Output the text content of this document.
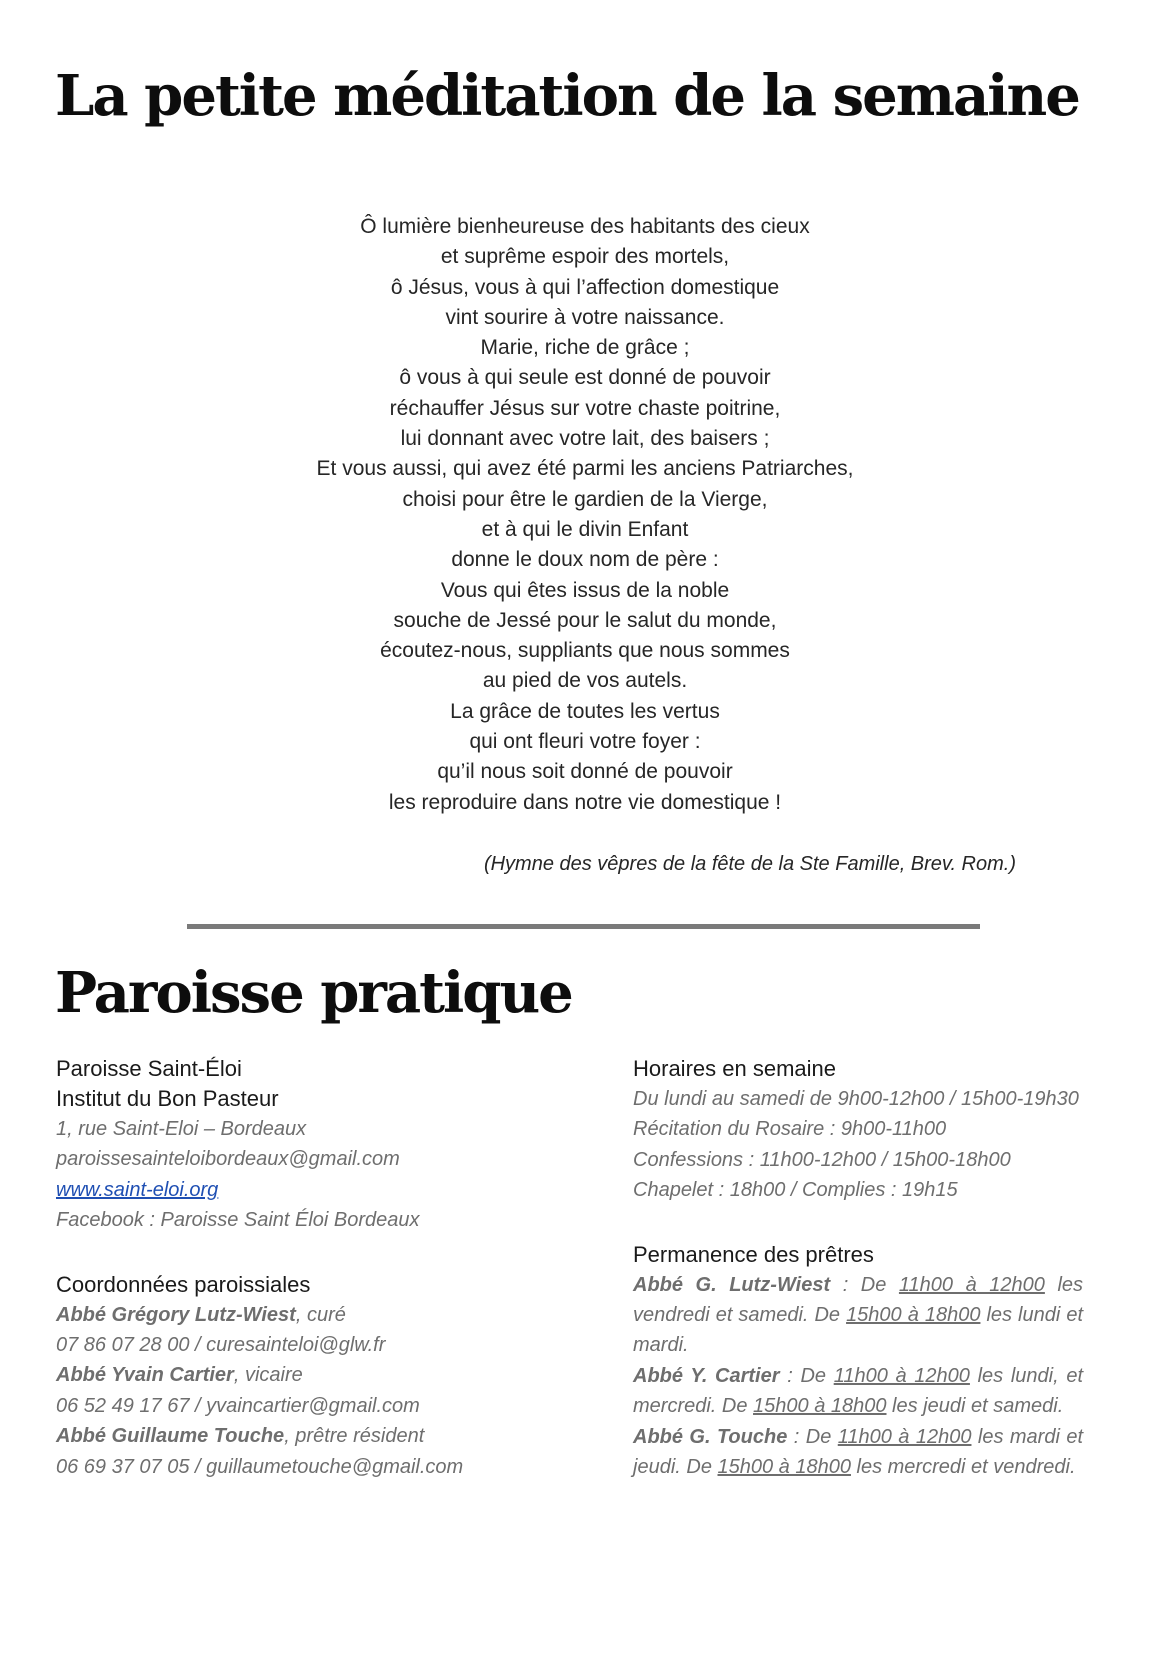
La petite méditation de la semaine
Ô lumière bienheureuse des habitants des cieux
et suprême espoir des mortels,
ô Jésus, vous à qui l’affection domestique
vint sourire à votre naissance.
Marie, riche de grâce ;
ô vous à qui seule est donné de pouvoir
réchauffer Jésus sur votre chaste poitrine,
lui donnant avec votre lait, des baisers ;
Et vous aussi, qui avez été parmi les anciens Patriarches,
choisi pour être le gardien de la Vierge,
et à qui le divin Enfant
donne le doux nom de père :
Vous qui êtes issus de la noble
souche de Jessé pour le salut du monde,
écoutez-nous, suppliants que nous sommes
au pied de vos autels.
La grâce de toutes les vertus
qui ont fleuri votre foyer :
qu’il nous soit donné de pouvoir
les reproduire dans notre vie domestique !

(Hymne des vêpres de la fête de la Ste Famille, Brev. Rom.)

Paroisse pratique
Paroisse Saint-Éloi
Institut du Bon Pasteur
1, rue Saint-Eloi – Bordeaux
paroissesainteloibordeaux@gmail.com
www.saint-eloi.org
Facebook : Paroisse Saint Éloi Bordeaux
Coordonnées paroissiales
Abbé Grégory Lutz-Wiest, curé
07 86 07 28 00 / curesainteloi@glw.fr
Abbé Yvain Cartier, vicaire
06 52 49 17 67 / yvaincartier@gmail.com
Abbé Guillaume Touche, prêtre résident
06 69 37 07 05 / guillaumetouche@gmail.com
Horaires en semaine
Du lundi au samedi de 9h00-12h00 / 15h00-19h30
Récitation du Rosaire : 9h00-11h00
Confessions : 11h00-12h00 / 15h00-18h00
Chapelet : 18h00 / Complies : 19h15
Permanence des prêtres
Abbé G. Lutz-Wiest : De 11h00 à 12h00 les vendredi et samedi. De 15h00 à 18h00 les lundi et mardi.
Abbé Y. Cartier : De 11h00 à 12h00 les lundi, et mercredi. De 15h00 à 18h00 les jeudi et samedi.
Abbé G. Touche : De 11h00 à 12h00 les mardi et jeudi. De 15h00 à 18h00 les mercredi et vendredi.
